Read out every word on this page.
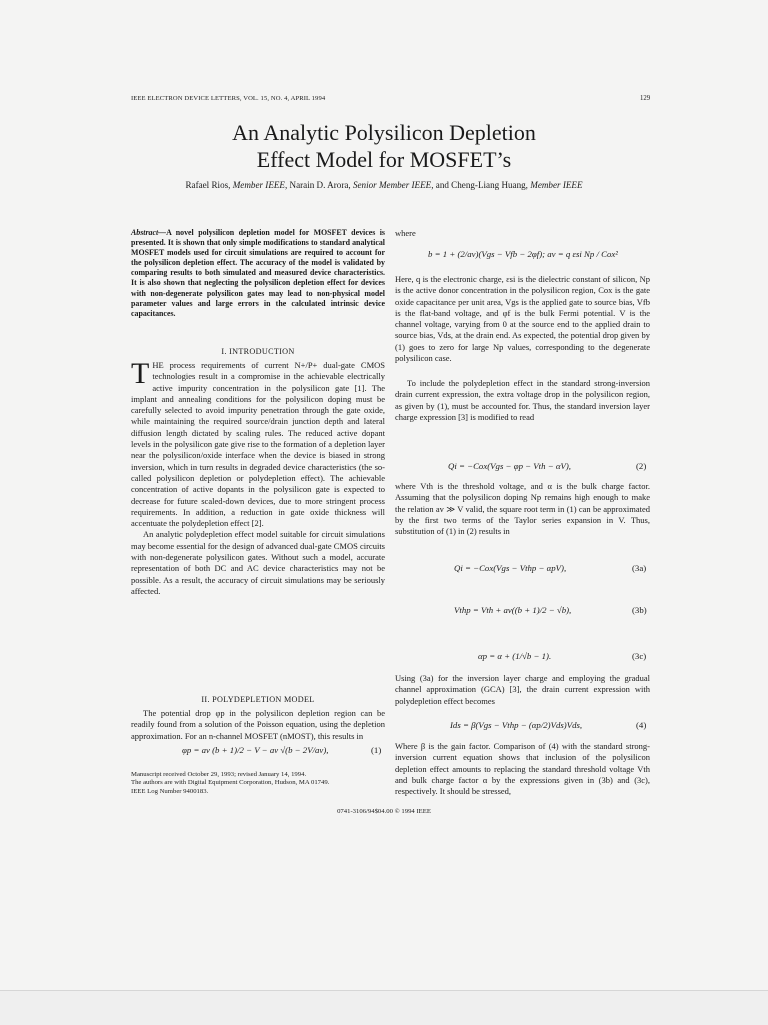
IEEE ELECTRON DEVICE LETTERS, VOL. 15, NO. 4, APRIL 1994	129
An Analytic Polysilicon Depletion
Effect Model for MOSFET’s
Rafael Rios, Member IEEE, Narain D. Arora, Senior Member IEEE, and Cheng-Liang Huang, Member IEEE
Abstract—A novel polysilicon depletion model for MOSFET devices is presented. It is shown that only simple modifications to standard analytical MOSFET models used for circuit simulations are required to account for the polysilicon depletion effect. The accuracy of the model is validated by comparing results to both simulated and measured device characteristics. It is also shown that neglecting the polysilicon depletion effect for devices with non-degenerate polysilicon gates may lead to non-physical model parameter values and large errors in the calculated intrinsic device capacitances.
I. INTRODUCTION
THE process requirements of current N+/P+ dual-gate CMOS technologies result in a compromise in the achievable electrically active impurity concentration in the polysilicon gate [1]. The implant and annealing conditions for the polysilicon doping must be carefully selected to avoid impurity penetration through the gate oxide, while maintaining the required source/drain junction depth and lateral diffusion length dictated by scaling rules. The reduced active dopant levels in the polysilicon gate give rise to the formation of a depletion layer near the polysilicon/oxide interface when the device is biased in strong inversion, which in turn results in degraded device characteristics (the so-called polysilicon depletion or polydepletion effect). The achievable concentration of active dopants in the polysilicon gate is expected to decrease for future scaled-down devices, due to more stringent process requirements. In addition, a reduction in gate oxide thickness will accentuate the polydepletion effect [2].
An analytic polydepletion effect model suitable for circuit simulations may become essential for the design of advanced dual-gate CMOS circuits with non-degenerate polysilicon gates. Without such a model, accurate representation of both DC and AC device characteristics may not be possible. As a result, the accuracy of circuit simulations may be seriously affected.
II. POLYDEPLETION MODEL
The potential drop φp in the polysilicon depletion region can be readily found from a solution of the Poisson equation, using the depletion approximation. For an n-channel MOSFET (nMOST), this results in
φp = av (b + 1)/2 − V − av √(b − 2V/av),	(1)
Manuscript received October 29, 1993; revised January 14, 1994.
The authors are with Digital Equipment Corporation, Hudson, MA 01749.
IEEE Log Number 9400183.
where
b = 1 + (2/av)(Vgs − Vfb − 2φf); av = q εsi Np / Cox²
Here, q is the electronic charge, εsi is the dielectric constant of silicon, Np is the active donor concentration in the polysilicon region, Cox is the gate oxide capacitance per unit area, Vgs is the applied gate to source bias, Vfb is the flat-band voltage, and φf is the bulk Fermi potential. V is the channel voltage, varying from 0 at the source end to the applied drain to source bias, Vds, at the drain end. As expected, the potential drop given by (1) goes to zero for large Np values, corresponding to the degenerate polysilicon case.
To include the polydepletion effect in the standard strong-inversion drain current expression, the extra voltage drop in the polysilicon region, as given by (1), must be accounted for. Thus, the standard inversion layer charge expression [3] is modified to read
Qi = −Cox(Vgs − φp − Vth − αV),	(2)
where Vth is the threshold voltage, and α is the bulk charge factor. Assuming that the polysilicon doping Np remains high enough to make the relation av ≫ V valid, the square root term in (1) can be approximated by the first two terms of the Taylor series expansion in V. Thus, substitution of (1) in (2) results in
Qi = −Cox(Vgs − Vthp − αpV),	(3a)
Vthp = Vth + av((b + 1)/2 − √b),	(3b)
αp = α + (1/√b − 1).	(3c)
Using (3a) for the inversion layer charge and employing the gradual channel approximation (GCA) [3], the drain current expression with polydepletion effect becomes
Ids = β(Vgs − Vthp − (αp/2)Vds)Vds,	(4)
Where β is the gain factor. Comparison of (4) with the standard strong-inversion current equation shows that inclusion of the polysilicon depletion effect amounts to replacing the standard threshold voltage Vth and bulk charge factor α by the expressions given in (3b) and (3c), respectively. It should be stressed,
0741-3106/94$04.00 © 1994 IEEE
